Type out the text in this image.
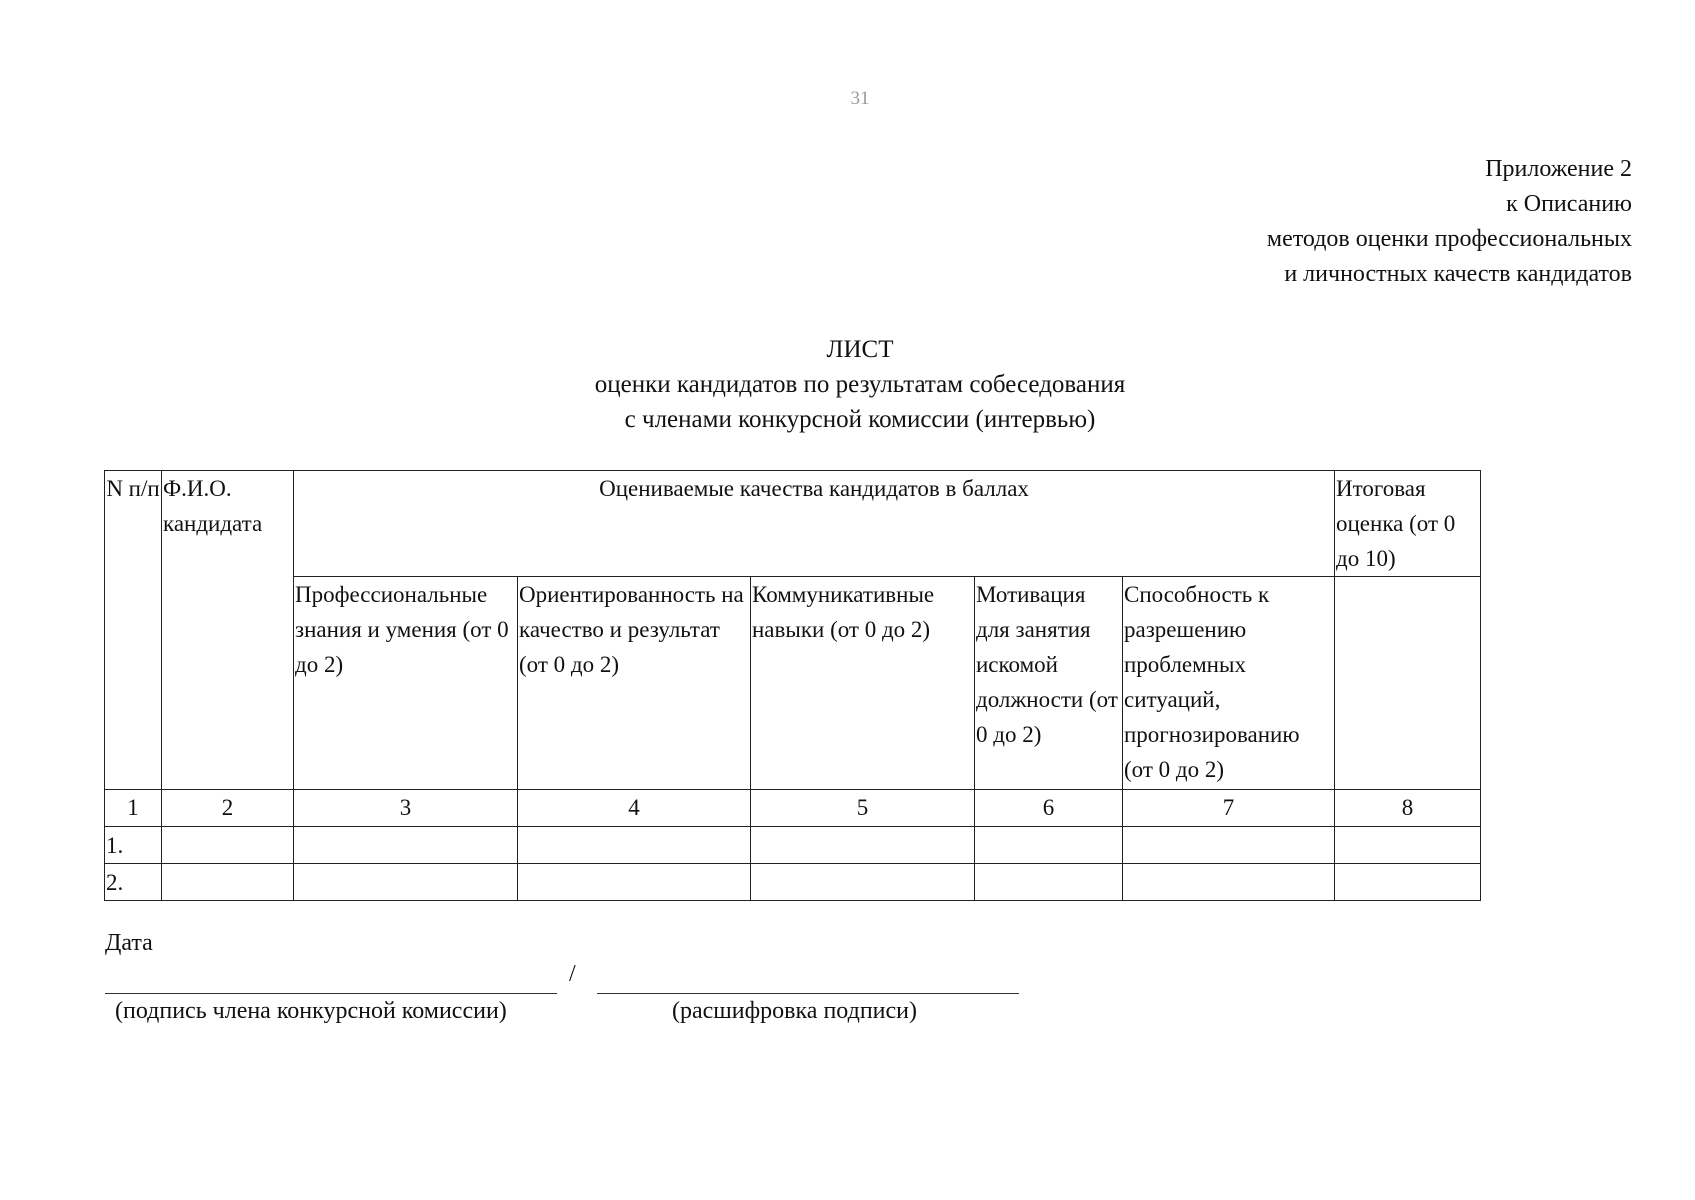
31
Приложение 2
к Описанию
методов оценки профессиональных
и личностных качеств кандидатов
ЛИСТ
оценки кандидатов по результатам собеседования
с членами конкурсной комиссии (интервью)
N п/п	Ф.И.О. кандидата	Оцениваемые качества кандидатов в баллах					Итоговая оценка (от 0 до 10)
		Профессиональные знания и умения (от 0 до 2)	Ориентированность на качество и результат (от 0 до 2)	Коммуникативные навыки (от 0 до 2)	Мотивация для занятия искомой должности (от 0 до 2)	Способность к разрешению проблемных ситуаций, прогнозированию (от 0 до 2)	
1	2	3	4	5	6	7	8
1.							
2.							
Дата
/
(подпись члена конкурсной комиссии)	(расшифровка подписи)
